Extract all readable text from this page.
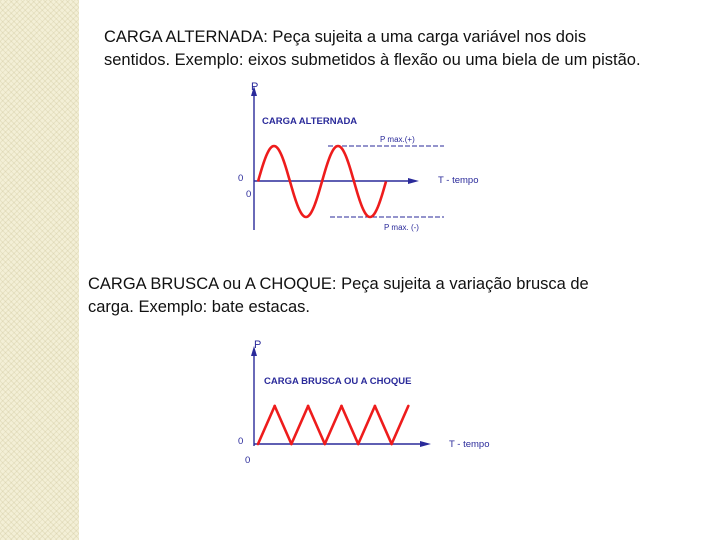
CARGA ALTERNADA: Peça sujeita a uma carga variável nos dois
sentidos. Exemplo: eixos submetidos à flexão ou uma biela de um pistão.

P
CARGA ALTERNADA
P max.(+)
P max. (-)
T - tempo
0
0

CARGA BRUSCA ou A CHOQUE: Peça sujeita a variação brusca de
carga. Exemplo: bate estacas.

P
CARGA BRUSCA OU A CHOQUE
T - tempo
0
0
